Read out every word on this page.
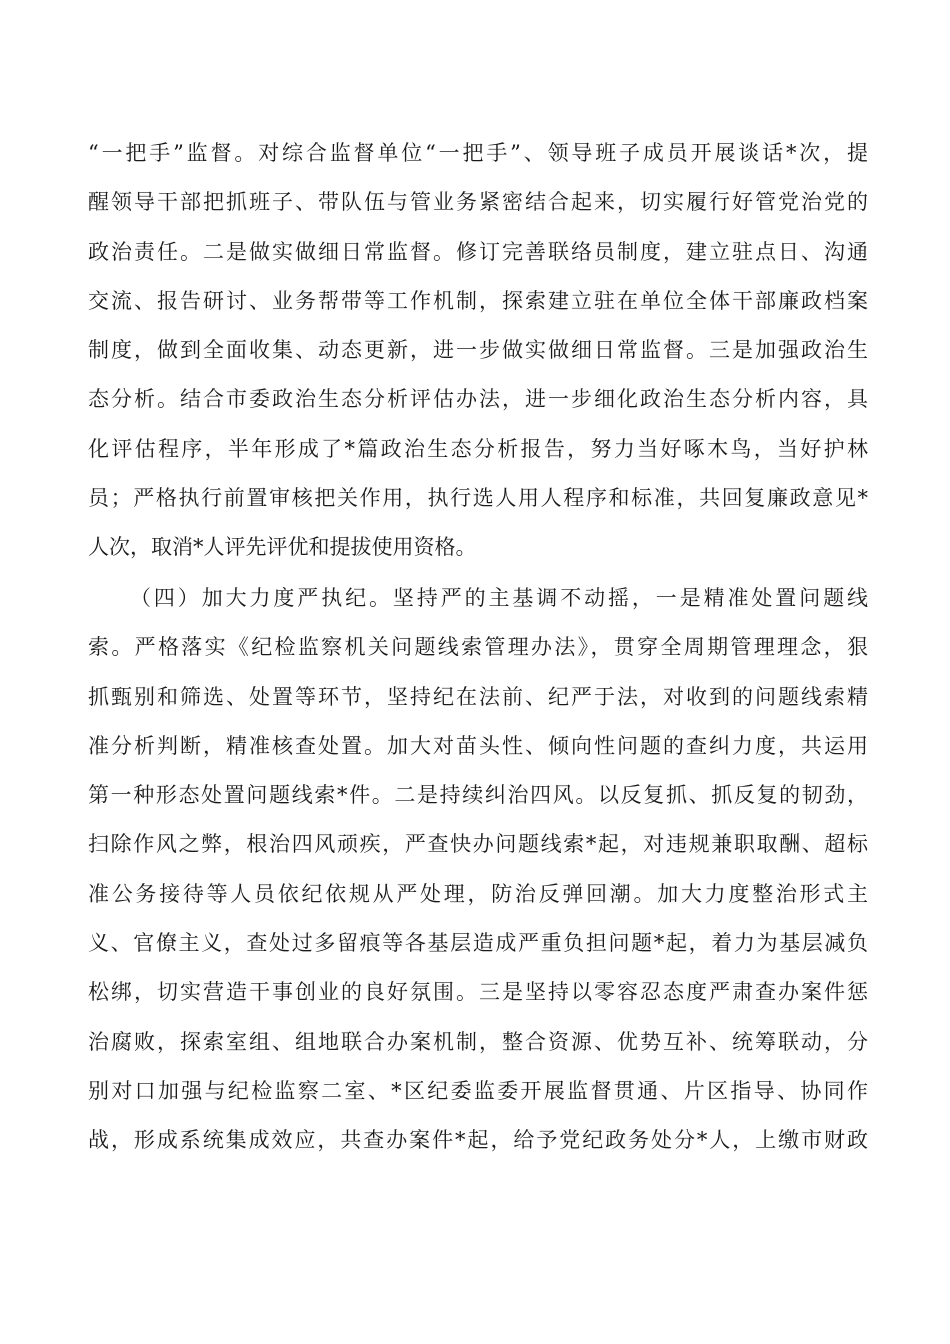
“一把手”监督。对综合监督单位“一把手”、领导班子成员开展谈话*次，提
醒领导干部把抓班子、带队伍与管业务紧密结合起来，切实履行好管党治党的
政治责任。二是做实做细日常监督。修订完善联络员制度，建立驻点日、沟通
交流、报告研讨、业务帮带等工作机制，探索建立驻在单位全体干部廉政档案
制度，做到全面收集、动态更新，进一步做实做细日常监督。三是加强政治生
态分析。结合市委政治生态分析评估办法，进一步细化政治生态分析内容，具
化评估程序，半年形成了*篇政治生态分析报告，努力当好啄木鸟，当好护林
员；严格执行前置审核把关作用，执行选人用人程序和标准，共回复廉政意见*
人次，取消*人评先评优和提拔使用资格。
（四）加大力度严执纪。坚持严的主基调不动摇，一是精准处置问题线
索。严格落实《纪检监察机关问题线索管理办法》，贯穿全周期管理理念，狠
抓甄别和筛选、处置等环节，坚持纪在法前、纪严于法，对收到的问题线索精
准分析判断，精准核查处置。加大对苗头性、倾向性问题的查纠力度，共运用
第一种形态处置问题线索*件。二是持续纠治四风。以反复抓、抓反复的韧劲，
扫除作风之弊，根治四风顽疾，严查快办问题线索*起，对违规兼职取酬、超标
准公务接待等人员依纪依规从严处理，防治反弹回潮。加大力度整治形式主
义、官僚主义，查处过多留痕等各基层造成严重负担问题*起，着力为基层减负
松绑，切实营造干事创业的良好氛围。三是坚持以零容忍态度严肃查办案件惩
治腐败，探索室组、组地联合办案机制，整合资源、优势互补、统筹联动，分
别对口加强与纪检监察二室、*区纪委监委开展监督贯通、片区指导、协同作
战，形成系统集成效应，共查办案件*起，给予党纪政务处分*人，上缴市财政
